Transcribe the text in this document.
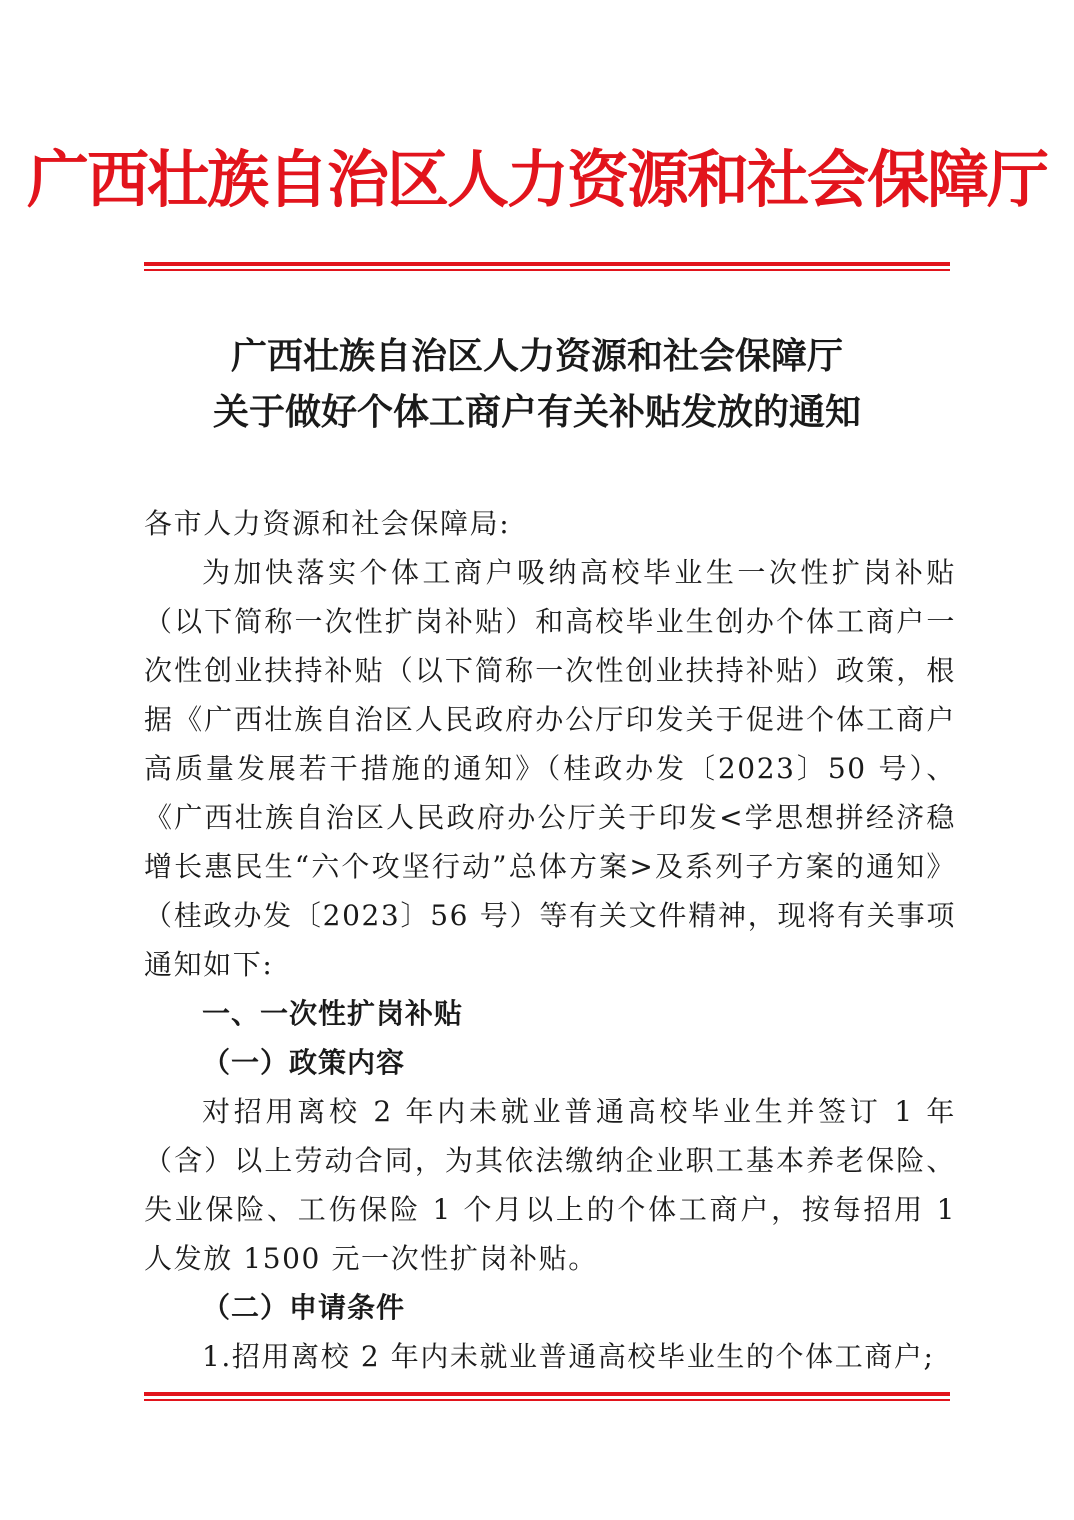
广西壮族自治区人力资源和社会保障厅
广西壮族自治区人力资源和社会保障厅
关于做好个体工商户有关补贴发放的通知

各市人力资源和社会保障局:

为加快落实个体工商户吸纳高校毕业生一次性扩岗补贴（以下简称一次性扩岗补贴）和高校毕业生创办个体工商户一次性创业扶持补贴（以下简称一次性创业扶持补贴）政策，根据《广西壮族自治区人民政府办公厅印发关于促进个体工商户高质量发展若干措施的通知》（桂政办发〔2023〕50 号）、《广西壮族自治区人民政府办公厅关于印发<学思想拼经济稳增长惠民生“六个攻坚行动”总体方案>及系列子方案的通知》（桂政办发〔2023〕56 号）等有关文件精神，现将有关事项通知如下:

一、一次性扩岗补贴

（一）政策内容

对招用离校 2 年内未就业普通高校毕业生并签订 1 年（含）以上劳动合同，为其依法缴纳企业职工基本养老保险、失业保险、工伤保险 1 个月以上的个体工商户，按每招用 1 人发放 1500 元一次性扩岗补贴。

（二）申请条件

1.招用离校 2 年内未就业普通高校毕业生的个体工商户;
